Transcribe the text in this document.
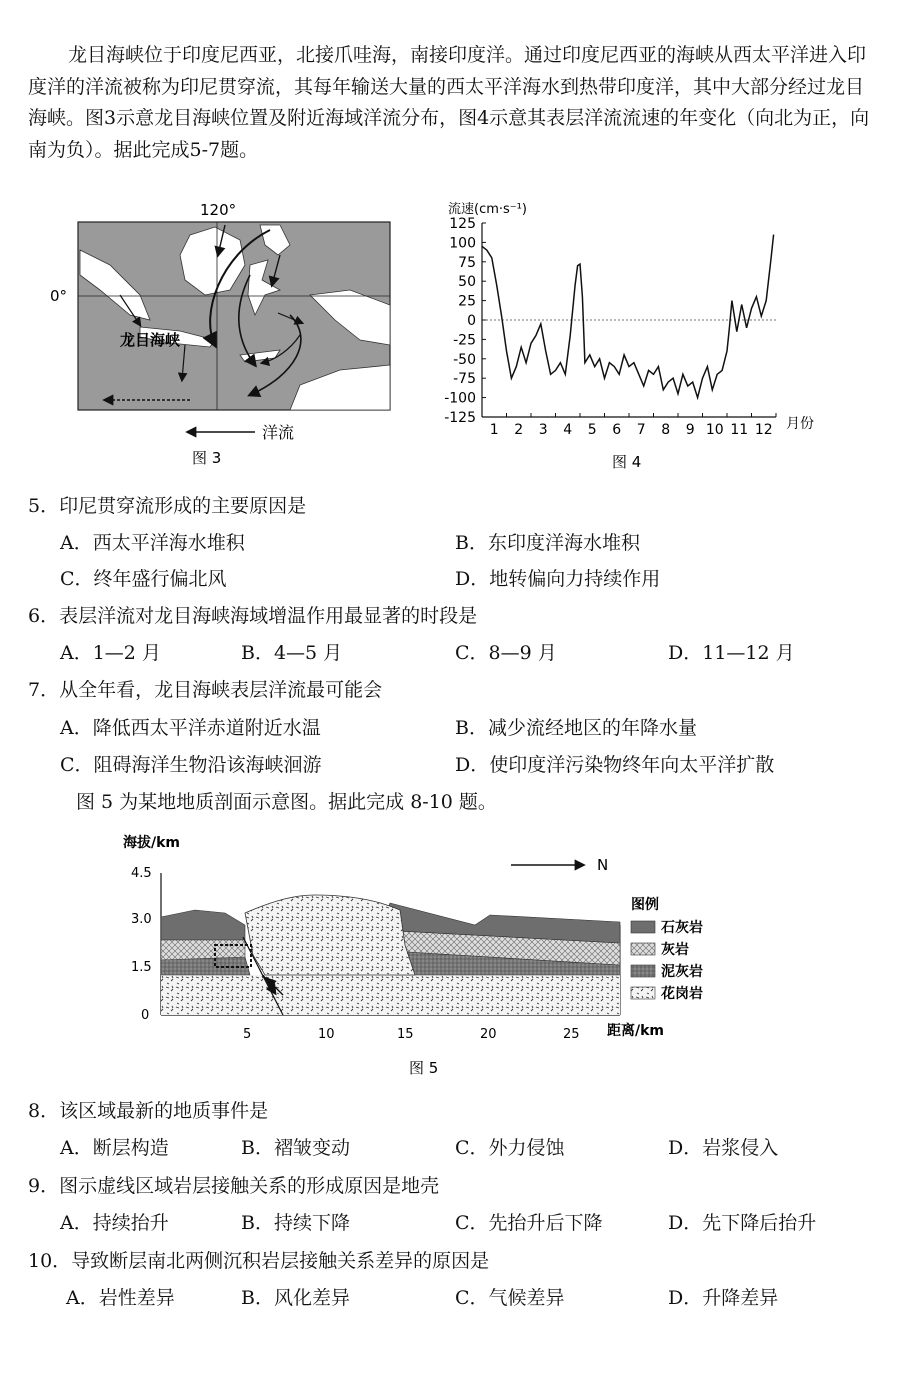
龙目海峡位于印度尼西亚，北接爪哇海，南接印度洋。通过印度尼西亚的海峡从西太平洋进入印度洋的洋流被称为印尼贯穿流，其每年输送大量的西太平洋海水到热带印度洋，其中大部分经过龙目海峡。图3示意龙目海峡位置及附近海域洋流分布，图4示意其表层洋流流速的年变化（向北为正，向南为负）。据此完成5-7题。
120°
0°
龙目海峡
洋流
图 3
流速(cm·s⁻¹)
月份
图 4
125
100
75
50
25
0
-25
-50
-75
-100
-125
1 2 3 4 5 6 7 8 9 10 11 12
5．印尼贯穿流形成的主要原因是
A．西太平洋海水堆积	B．东印度洋海水堆积
C．终年盛行偏北风	D．地转偏向力持续作用
6．表层洋流对龙目海峡海域增温作用最显著的时段是
A．1—2 月	B．4—5 月	C．8—9 月	D．11—12 月
7．从全年看，龙目海峡表层洋流最可能会
A．降低西太平洋赤道附近水温	B．减少流经地区的年降水量
C．阻碍海洋生物沿该海峡洄游	D．使印度洋污染物终年向太平洋扩散
图 5 为某地地质剖面示意图。据此完成 8-10 题。
海拔/km
4.5
3.0
1.5
0
5	10	15	20	25 距离/km
N
图例
石灰岩
灰岩
泥灰岩
花岗岩
图 5
8．该区域最新的地质事件是
A．断层构造	B．褶皱变动	C．外力侵蚀	D．岩浆侵入
9．图示虚线区域岩层接触关系的形成原因是地壳
A．持续抬升	B．持续下降	C．先抬升后下降	D．先下降后抬升
10．导致断层南北两侧沉积岩层接触关系差异的原因是
A．岩性差异	B．风化差异	C．气候差异	D．升降差异
